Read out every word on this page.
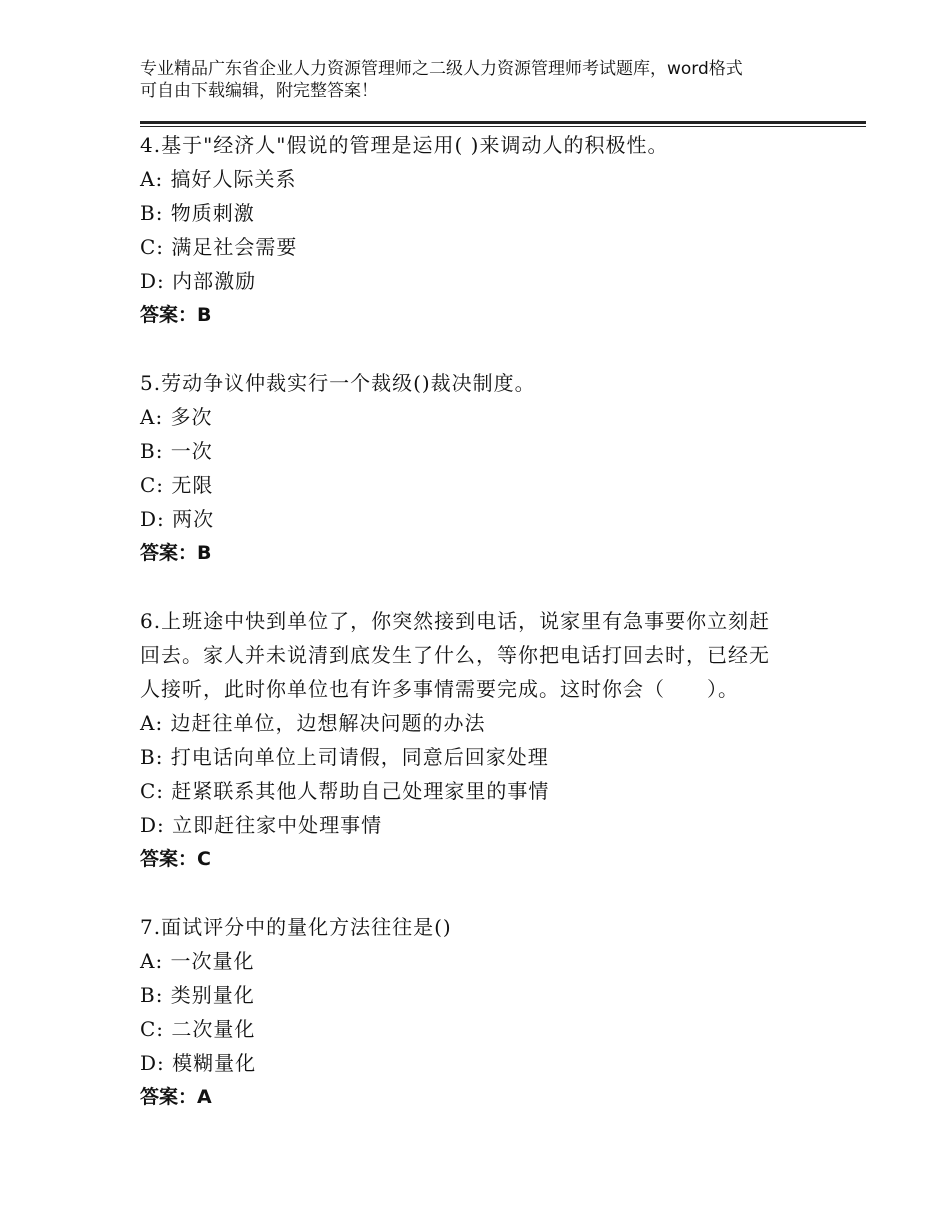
专业精品广东省企业人力资源管理师之二级人力资源管理师考试题库，word格式
可自由下载编辑，附完整答案！
4.基于"经济人"假说的管理是运用( )来调动人的积极性。
A: 搞好人际关系
B: 物质刺激
C: 满足社会需要
D: 内部激励
答案：B
5.劳动争议仲裁实行一个裁级()裁决制度。
A: 多次
B: 一次
C: 无限
D: 两次
答案：B
6.上班途中快到单位了，你突然接到电话，说家里有急事要你立刻赶
回去。家人并未说清到底发生了什么，等你把电话打回去时，已经无
人接听，此时你单位也有许多事情需要完成。这时你会（　　）。
A: 边赶往单位，边想解决问题的办法
B: 打电话向单位上司请假，同意后回家处理
C: 赶紧联系其他人帮助自己处理家里的事情
D: 立即赶往家中处理事情
答案：C
7.面试评分中的量化方法往往是()
A: 一次量化
B: 类别量化
C: 二次量化
D: 模糊量化
答案：A
